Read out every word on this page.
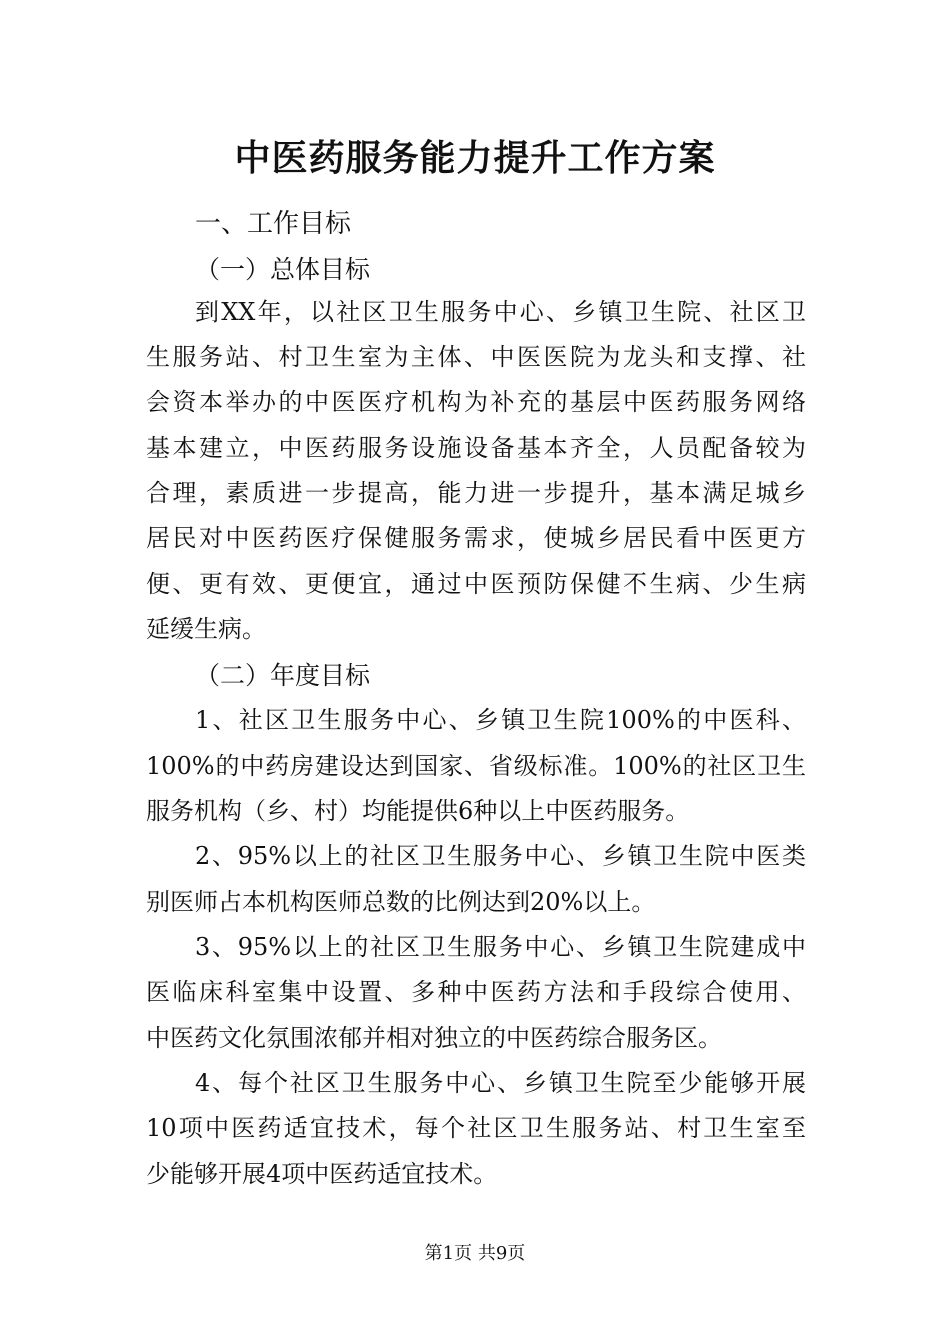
中医药服务能力提升工作方案
一、工作目标
（一）总体目标
到XX年，以社区卫生服务中心、乡镇卫生院、社区卫
生服务站、村卫生室为主体、中医医院为龙头和支撑、社
会资本举办的中医医疗机构为补充的基层中医药服务网络
基本建立，中医药服务设施设备基本齐全，人员配备较为
合理，素质进一步提高，能力进一步提升，基本满足城乡
居民对中医药医疗保健服务需求，使城乡居民看中医更方
便、更有效、更便宜，通过中医预防保健不生病、少生病
延缓生病。
（二）年度目标
1、社区卫生服务中心、乡镇卫生院100%的中医科、
100%的中药房建设达到国家、省级标准。100%的社区卫生
服务机构（乡、村）均能提供6种以上中医药服务。
2、95%以上的社区卫生服务中心、乡镇卫生院中医类
别医师占本机构医师总数的比例达到20%以上。
3、95%以上的社区卫生服务中心、乡镇卫生院建成中
医临床科室集中设置、多种中医药方法和手段综合使用、
中医药文化氛围浓郁并相对独立的中医药综合服务区。
4、每个社区卫生服务中心、乡镇卫生院至少能够开展
10项中医药适宜技术，每个社区卫生服务站、村卫生室至
少能够开展4项中医药适宜技术。
第1页 共9页
